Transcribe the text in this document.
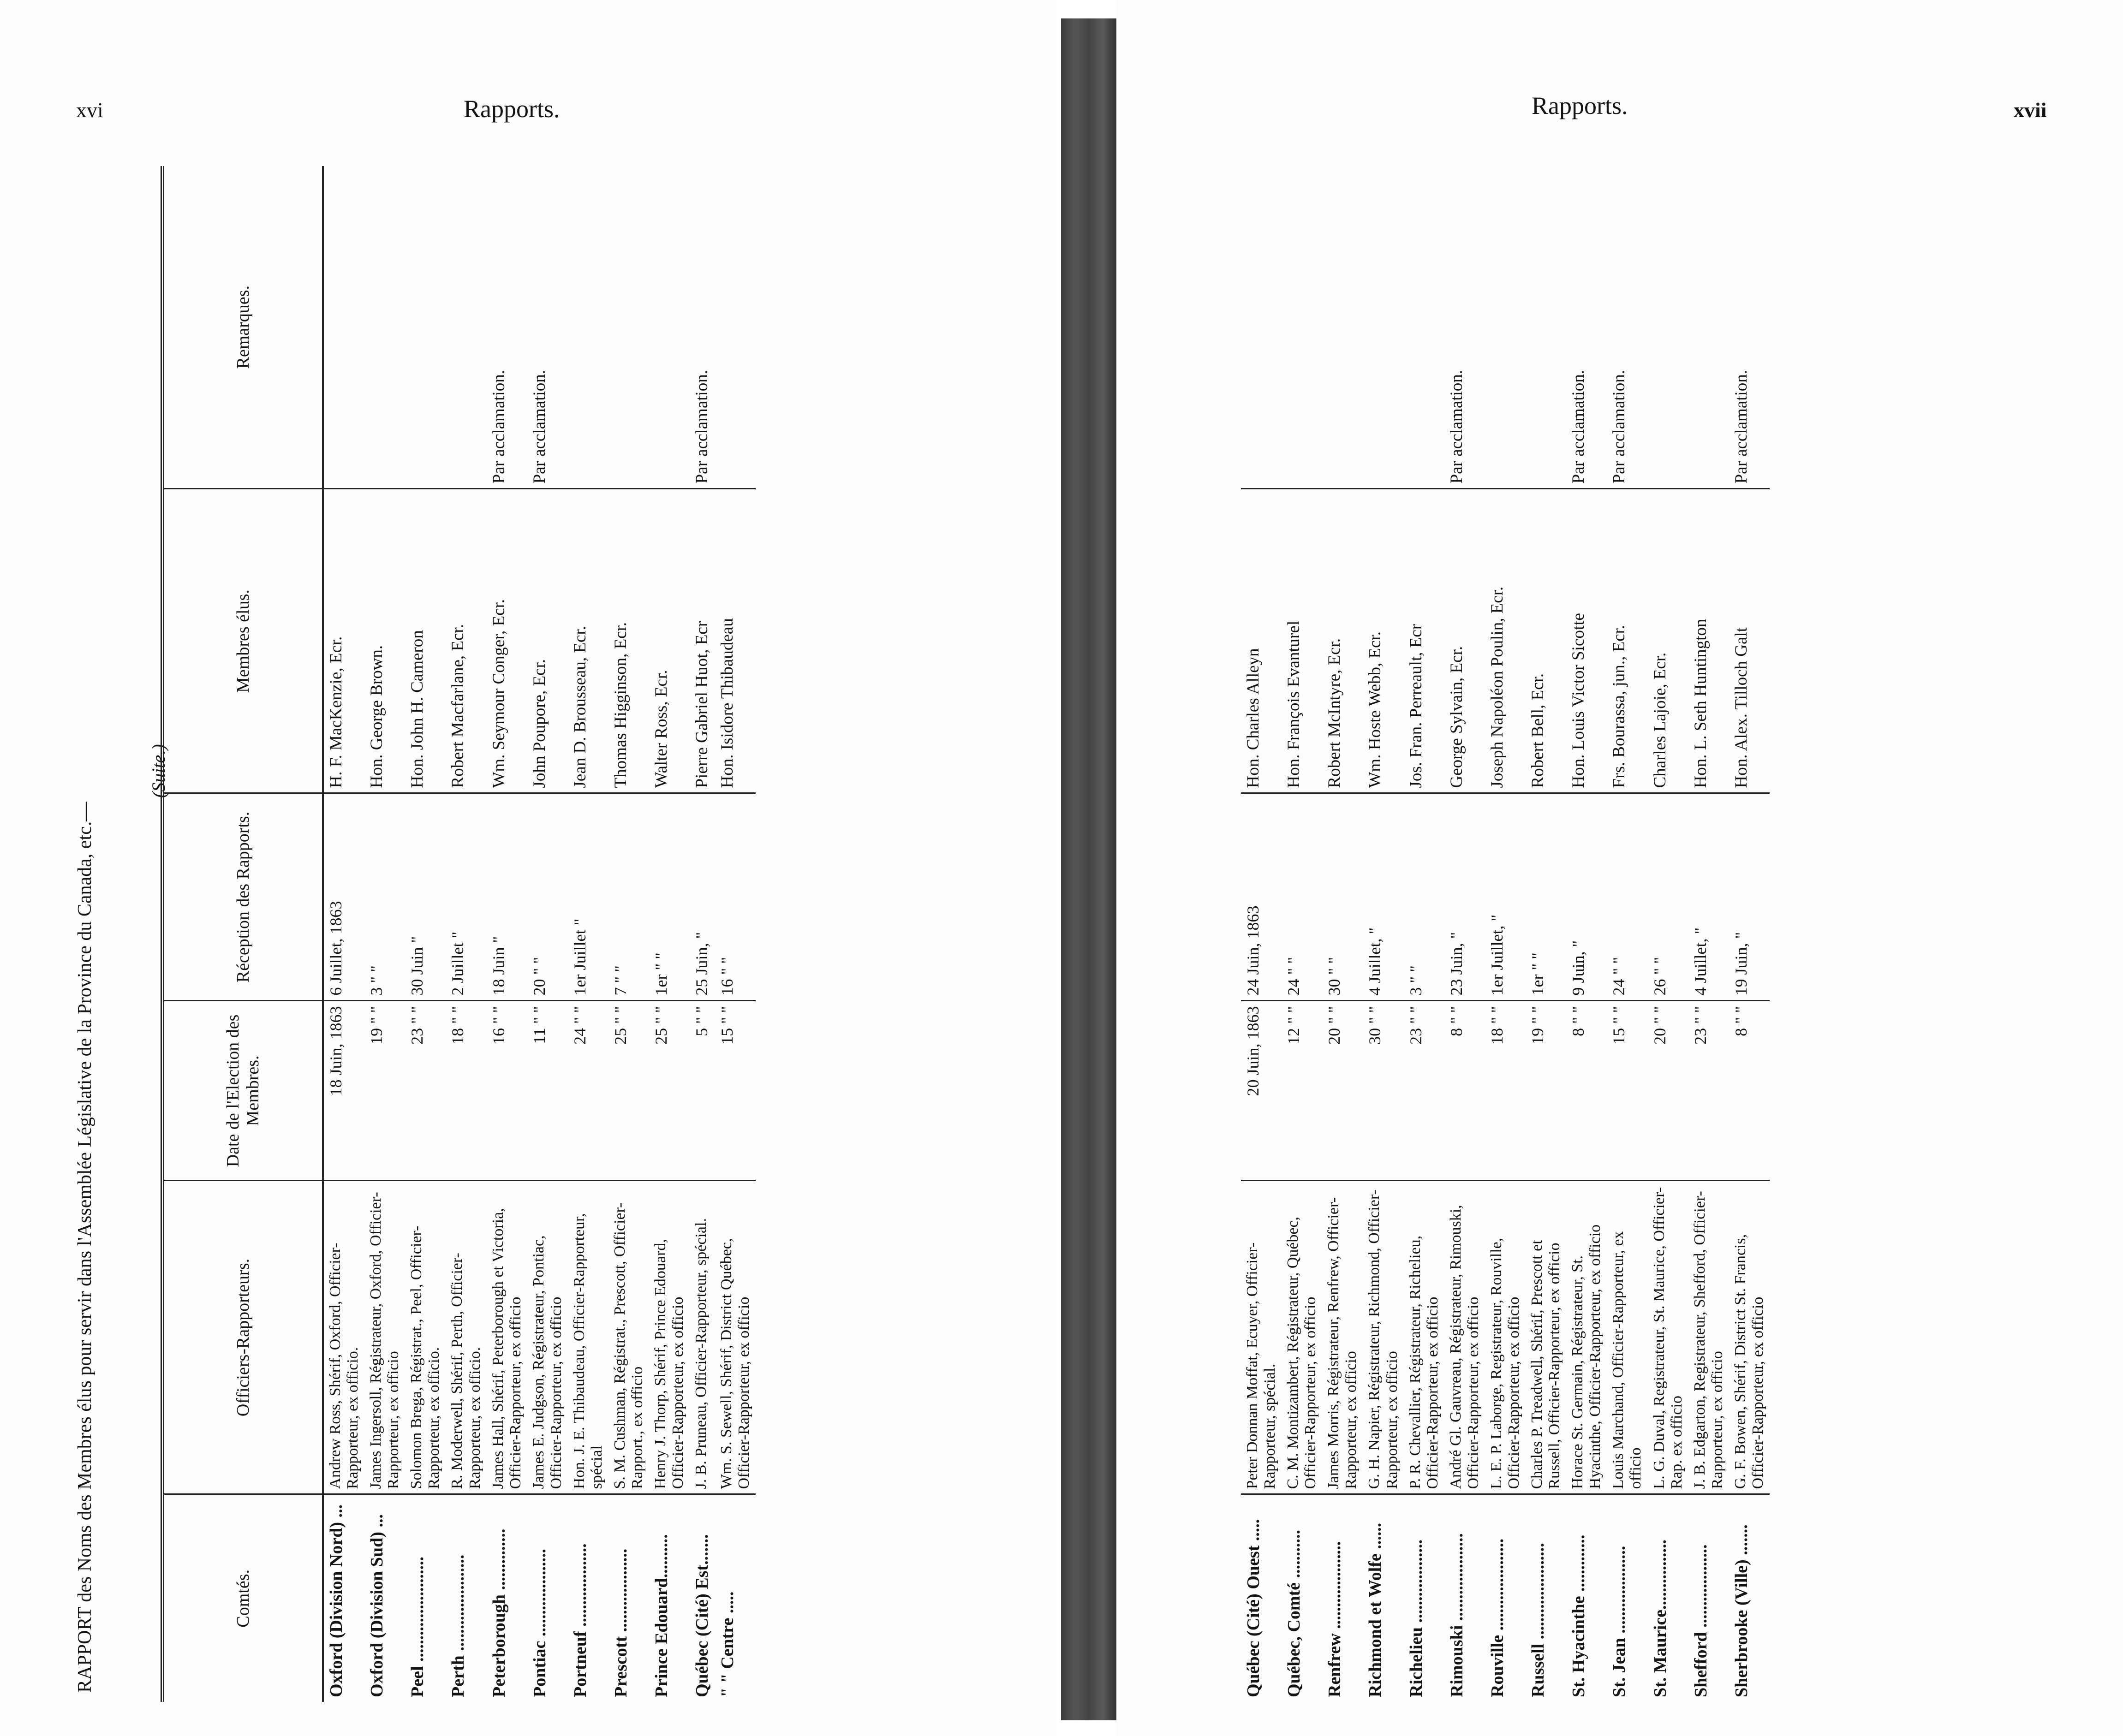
xvi	Rapports.
RAPPORT des Noms des Membres élus pour servir dans l'Assemblée Législative de la Province du Canada, etc.—
(Suite.)
Comtés.	Officiers-Rapporteurs.	Date de l'Election des Membres.	Réception des Rapports.	Membres élus.	Remarques.
Oxford (Division Nord) ...	Andrew Ross, Shérif, Oxford, Officier-Rapporteur, ex officio.	18 Juin, 1863	6 Juillet, 1863	H. F. MacKenzie, Ecr.	
Oxford (Division Sud) ...	James Ingersoll, Régistrateur, Oxford, Officier-Rapporteur, ex officio	19 " "	3 " "	Hon. George Brown.	
Peel ........................	Solomon Brega, Régistrat., Peel, Officier-Rapporteur, ex officio.	23 " "	30 Juin "	Hon. John H. Cameron	
Perth ......................	R. Moderwell, Shérif, Perth, Officier-Rapporteur, ex officio.	18 " "	2 Juillet "	Robert Macfarlane, Ecr.	
Peterborough ..............	James Hall, Shérif, Peterborough et Victoria, Officier-Rapporteur, ex officio	16 " "	18 Juin "	Wm. Seymour Conger, Ecr.	Par acclamation.
Pontiac ....................	James E. Judgson, Régistrateur, Pontiac, Officier-Rapporteur, ex officio	11 " "	20 " "	John Poupore, Ecr.	Par acclamation.
Portneuf ...................	Hon. J. E. Thibaudeau, Officier-Rapporteur, spécial	24 " "	1er Juillet "	Jean D. Brousseau, Ecr.	
Prescott ...................	S. M. Cushman, Régistrat., Prescott, Officier-Rapport., ex officio	25 " "	7 " "	Thomas Higginson, Ecr.	
Prince Edouard..........	Henry J. Thorp, Shérif, Prince Edouard, Officier-Rapporteur, ex officio	25 " "	1er " "	Walter Ross, Ecr.	
Québec (Cité) Est.......	J. B. Pruneau, Officier-Rapporteur, spécial.	5 " "	25 Juin, "	Pierre Gabriel Huot, Ecr	Par acclamation.
" " Centre .....	Wm. S. Sewell, Shérif, District Québec, Officier-Rapporteur, ex officio	15 " "	16 " "	Hon. Isidore Thibaudeau	
Rapports.	xvii
Québec (Cité) Ouest .....	Peter Donnan Moffat, Ecuyer, Officier-Rapporteur, spécial.	20 Juin, 1863	24 Juin, 1863	Hon. Charles Alleyn	
Québec, Comté ...........	C. M. Montizambert, Régistrateur, Québec, Officier-Rapporteur, ex officio	12 " "	24 " "	Hon. François Evanturel	
Renfrew ....................	James Morris, Régistrateur, Renfrew, Officier-Rapporteur, ex officio	20 " "	30 " "	Robert McIntyre, Ecr.	
Richmond et Wolfe ......	G. H. Napier, Régistrateur, Richmond, Officier-Rapporteur, ex officio	30 " "	4 Juillet, "	Wm. Hoste Webb, Ecr.	
Richelieu ...................	P. R. Chevallier, Régistrateur, Richelieu, Officier-Rapporteur, ex officio	23 " "	3 " "	Jos. Fran. Perreault, Ecr	
Rimouski ....................	André Gl. Gauvreau, Régistrateur, Rimouski, Officier-Rapporteur, ex officio	8 " "	23 Juin, "	George Sylvain, Ecr.	Par acclamation.
Rouville .....................	L. E. P. Laborge, Registrateur, Rouville, Officier-Rapporteur, ex officio	18 " "	1er Juillet, "	Joseph Napoléon Poulin, Ecr.	
Russell ......................	Charles P. Treadwell, Shérif, Prescott et Russell, Officier-Rapporteur, ex officio	19 " "	1er " "	Robert Bell, Ecr.	
St. Hyacinthe .............	Horace St. Germain, Régistrateur, St. Hyacinthe, Officier-Rapporteur, ex officio	8 " "	9 Juin, "	Hon. Louis Victor Sicotte	Par acclamation.
St. Jean ....................	Louis Marchand, Officier-Rapporteur, ex officio	15 " "	24 " "	Frs. Bourassa, jun., Ecr.	Par acclamation.
St. Maurice................	L. G. Duval, Registrateur, St. Maurice, Officier-Rap. ex officio	20 " "	26 " "	Charles Lajoie, Ecr.	
Shefford ...................	J. B. Edgarton, Registrateur, Shefford, Officier-Rapporteur, ex officio	23 " "	4 Juillet, "	Hon. L. Seth Huntington	
Sherbrooke (Ville) .......	G. F. Bowen, Shérif, District St. Francis, Officier-Rapporteur, ex officio	8 " "	19 Juin, "	Hon. Alex. Tilloch Galt	Par acclamation.
